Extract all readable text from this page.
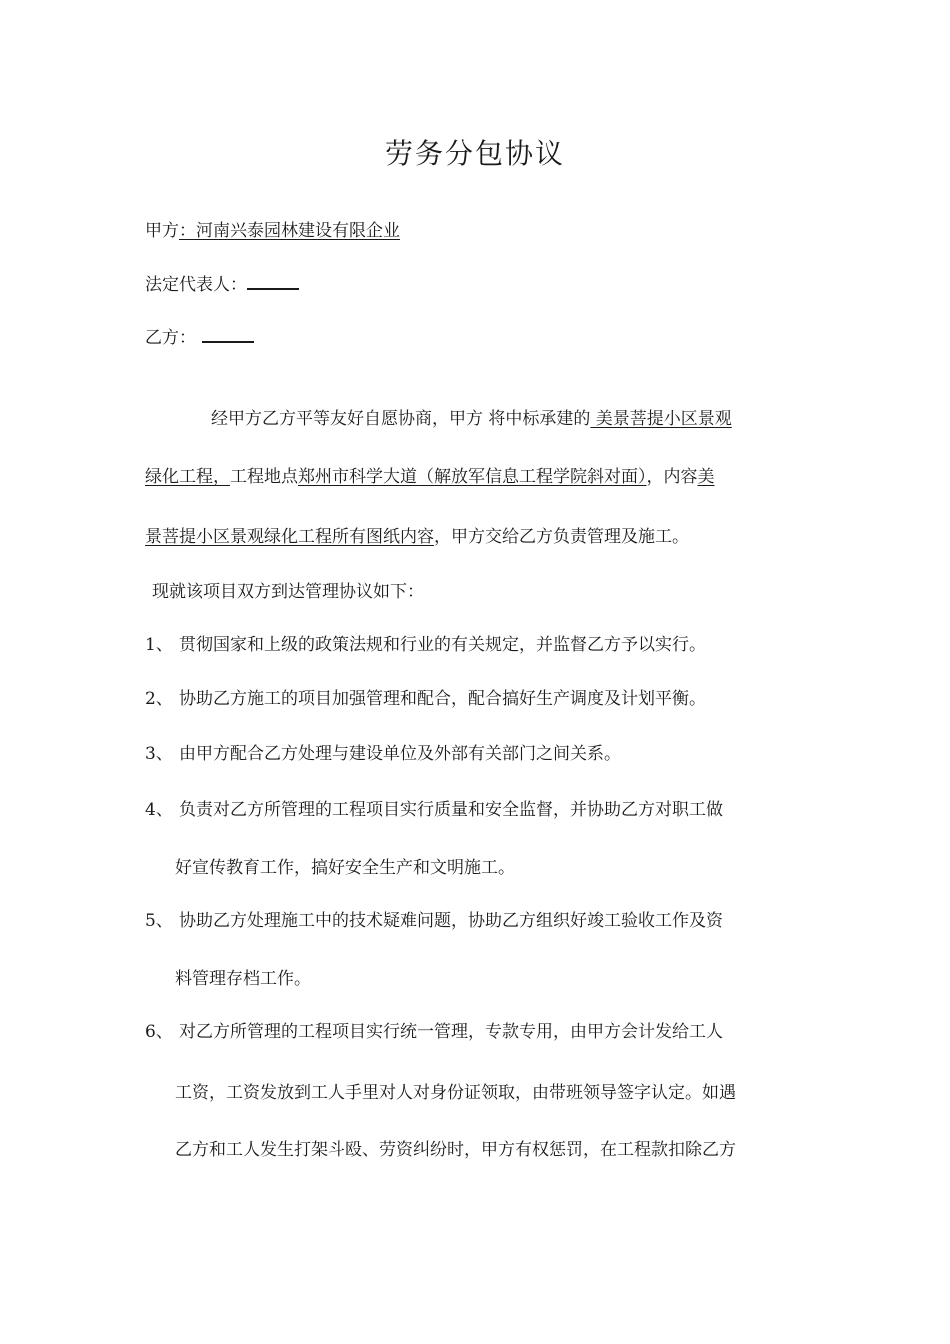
劳务分包协议
甲方：河南兴泰园林建设有限企业
法定代表人：
乙方：
经甲方乙方平等友好自愿协商，甲方 将中标承建的 美景菩提小区景观
绿化工程，工程地点郑州市科学大道（解放军信息工程学院斜对面），内容美
景菩提小区景观绿化工程所有图纸内容，甲方交给乙方负责管理及施工。
现就该项目双方到达管理协议如下：
1、 贯彻国家和上级的政策法规和行业的有关规定，并监督乙方予以实行。
2、 协助乙方施工的项目加强管理和配合，配合搞好生产调度及计划平衡。
3、 由甲方配合乙方处理与建设单位及外部有关部门之间关系。
4、 负责对乙方所管理的工程项目实行质量和安全监督，并协助乙方对职工做
好宣传教育工作，搞好安全生产和文明施工。
5、 协助乙方处理施工中的技术疑难问题，协助乙方组织好竣工验收工作及资
料管理存档工作。
6、 对乙方所管理的工程项目实行统一管理，专款专用，由甲方会计发给工人
工资，工资发放到工人手里对人对身份证领取，由带班领导签字认定。如遇
乙方和工人发生打架斗殴、劳资纠纷时，甲方有权惩罚，在工程款扣除乙方
